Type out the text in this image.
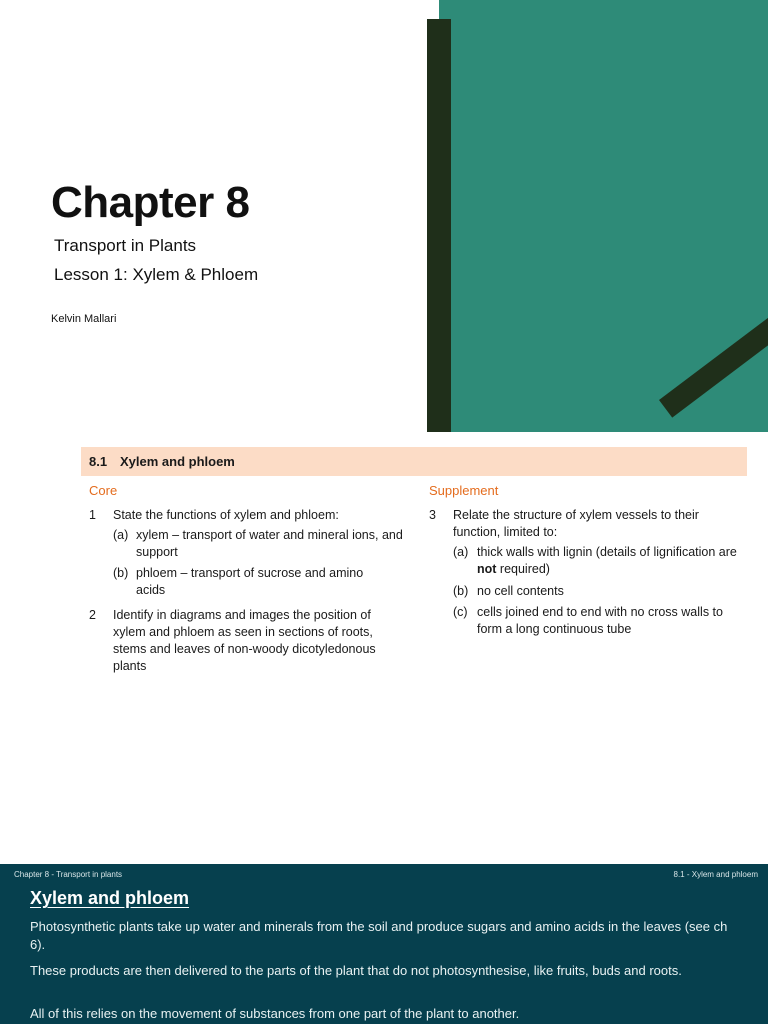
Chapter 8
Transport in Plants
Lesson 1: Xylem & Phloem
Kelvin Mallari
8.1 Xylem and phloem
Core	Supplement
1 State the functions of xylem and phloem:
(a) xylem – transport of water and mineral ions, and support
(b) phloem – transport of sucrose and amino acids
2 Identify in diagrams and images the position of xylem and phloem as seen in sections of roots, stems and leaves of non-woody dicotyledonous plants
3 Relate the structure of xylem vessels to their function, limited to:
(a) thick walls with lignin (details of lignification are not required)
(b) no cell contents
(c) cells joined end to end with no cross walls to form a long continuous tube
Chapter 8 - Transport in plants	8.1 - Xylem and phloem
Xylem and phloem

Photosynthetic plants take up water and minerals from the soil and produce sugars and amino acids in the leaves (see ch 6).

These products are then delivered to the parts of the plant that do not photosynthesise, like fruits, buds and roots.

All of this relies on the movement of substances from one part of the plant to another.
